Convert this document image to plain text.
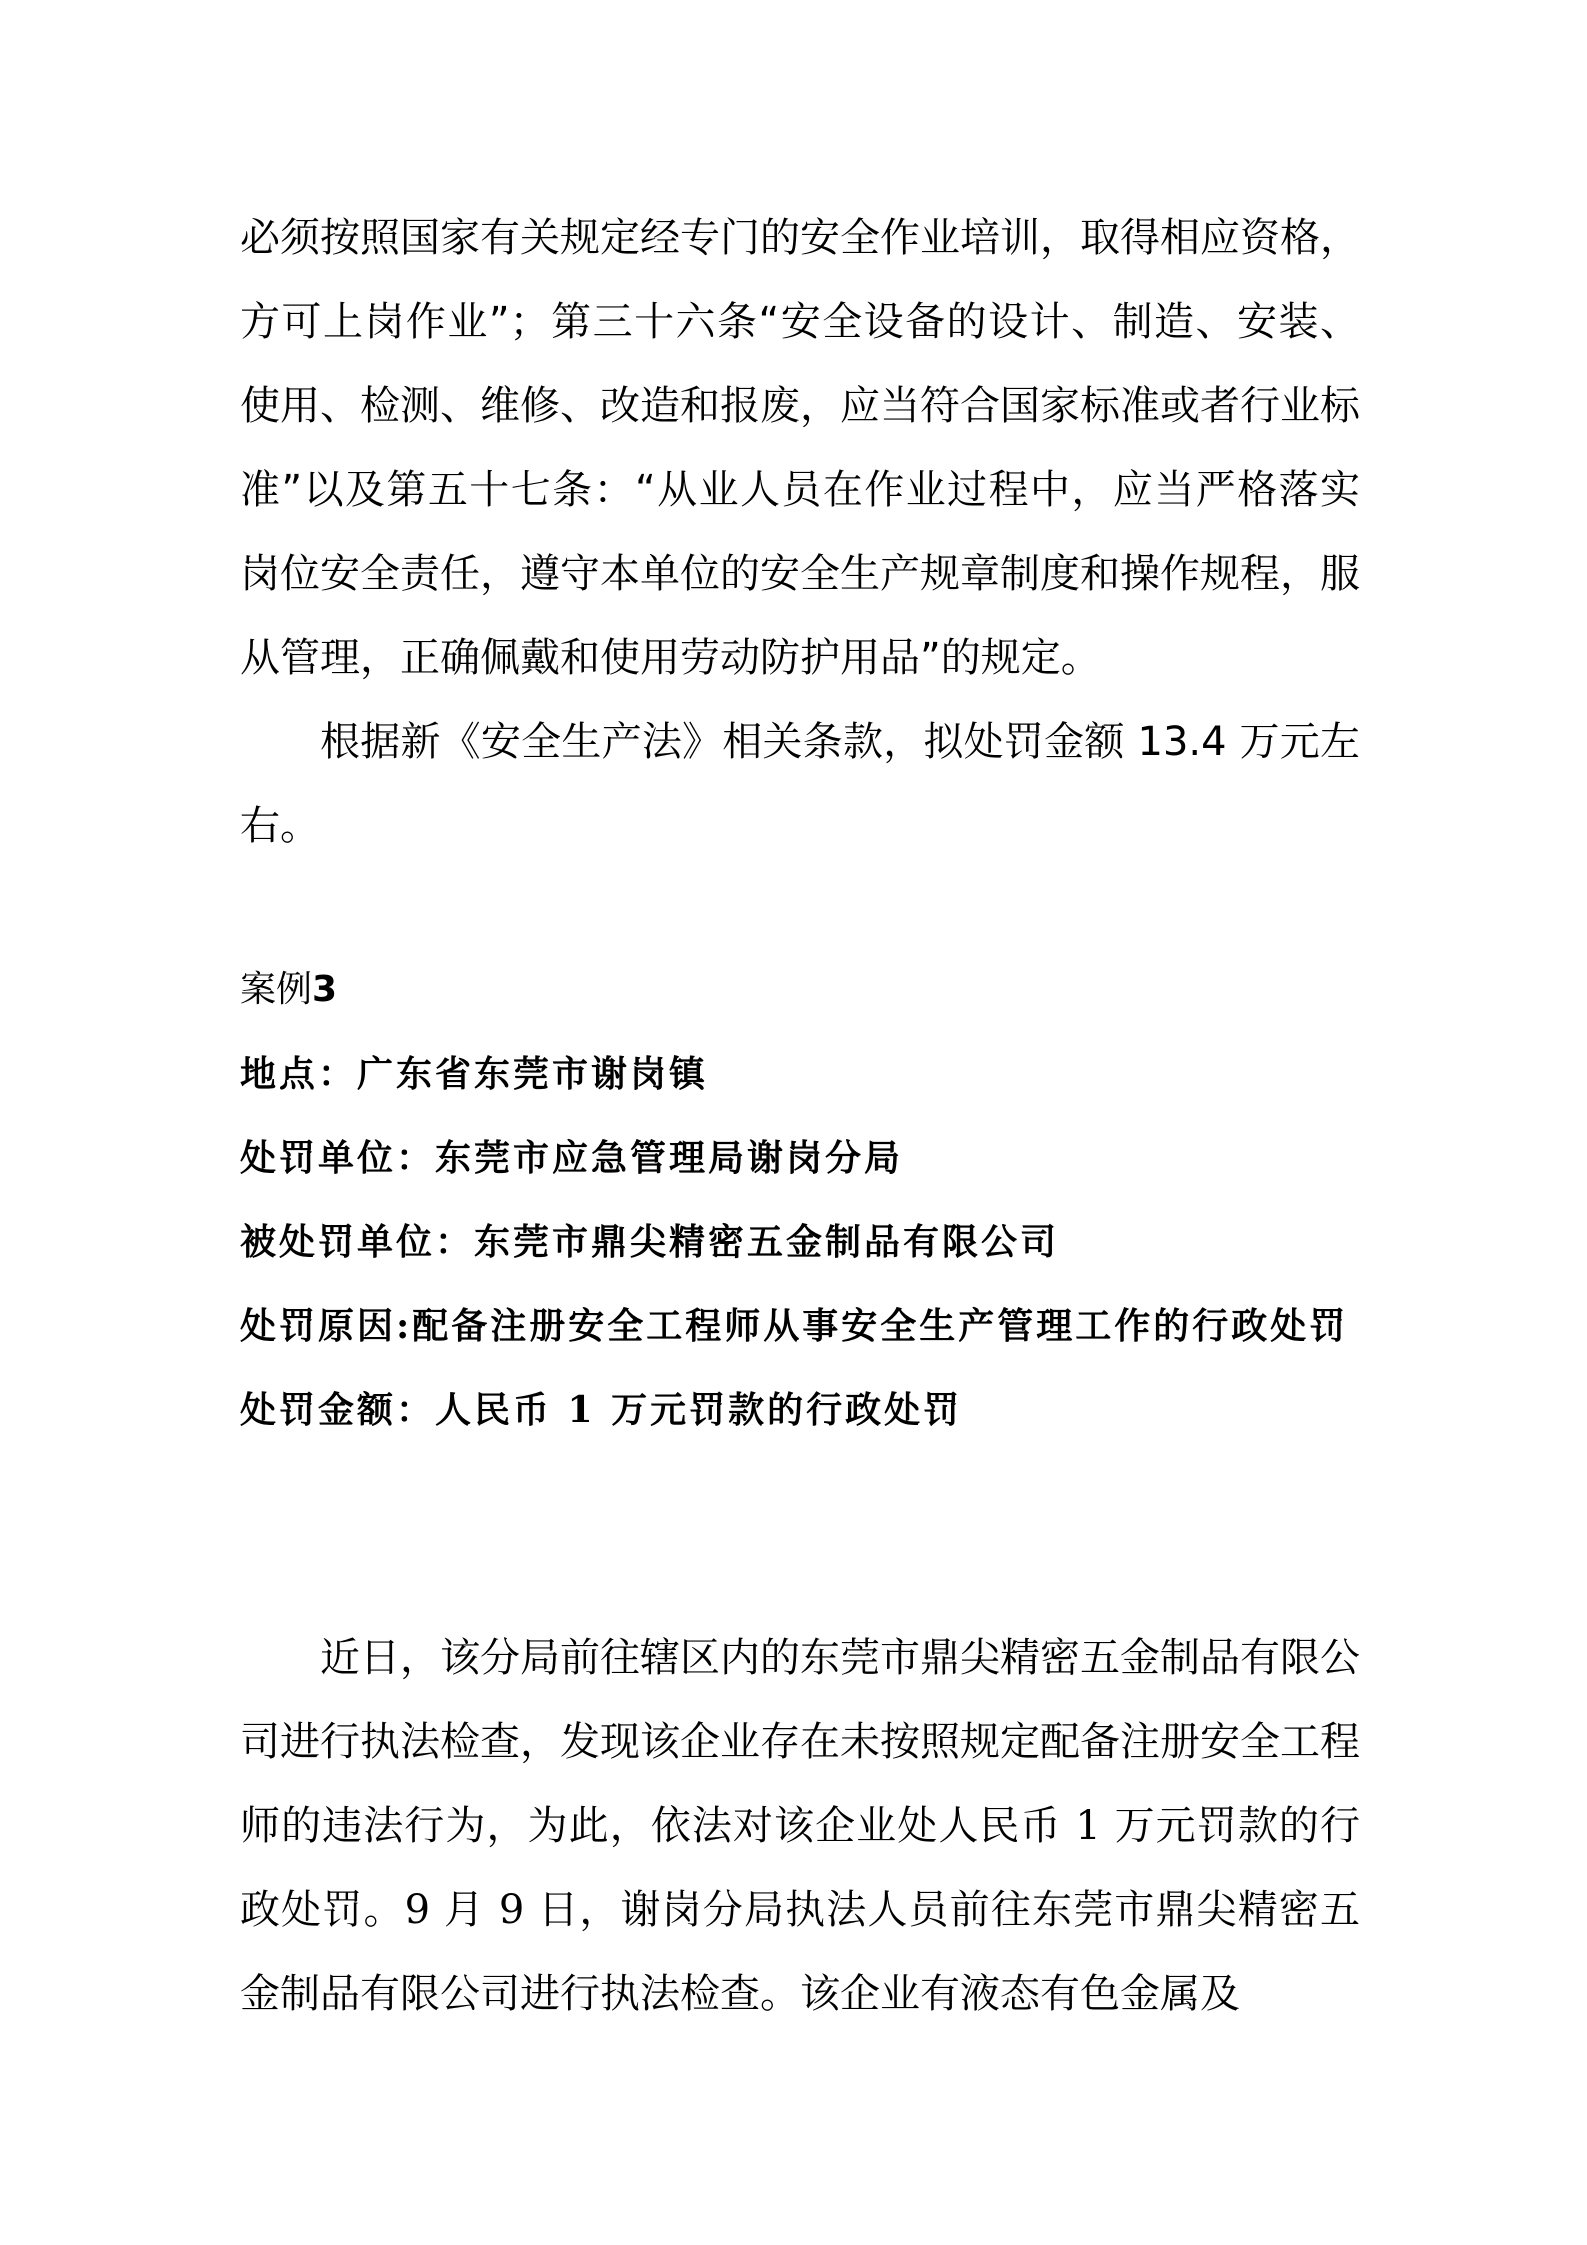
必须按照国家有关规定经专门的安全作业培训，取得相应资格，方可上岗作业”；第三十六条“安全设备的设计、制造、安装、使用、检测、维修、改造和报废，应当符合国家标准或者行业标准”以及第五十七条：“从业人员在作业过程中，应当严格落实岗位安全责任，遵守本单位的安全生产规章制度和操作规程，服从管理，正确佩戴和使用劳动防护用品”的规定。

根据新《安全生产法》相关条款，拟处罚金额 13.4 万元左右。

案例3

地点：广东省东莞市谢岗镇

处罚单位：东莞市应急管理局谢岗分局

被处罚单位：东莞市鼎尖精密五金制品有限公司

处罚原因:配备注册安全工程师从事安全生产管理工作的行政处罚

处罚金额：人民币 1 万元罚款的行政处罚

近日，该分局前往辖区内的东莞市鼎尖精密五金制品有限公司进行执法检查，发现该企业存在未按照规定配备注册安全工程师的违法行为，为此，依法对该企业处人民币 1 万元罚款的行政处罚。9 月 9 日，谢岗分局执法人员前往东莞市鼎尖精密五金制品有限公司进行执法检查。该企业有液态有色金属及
